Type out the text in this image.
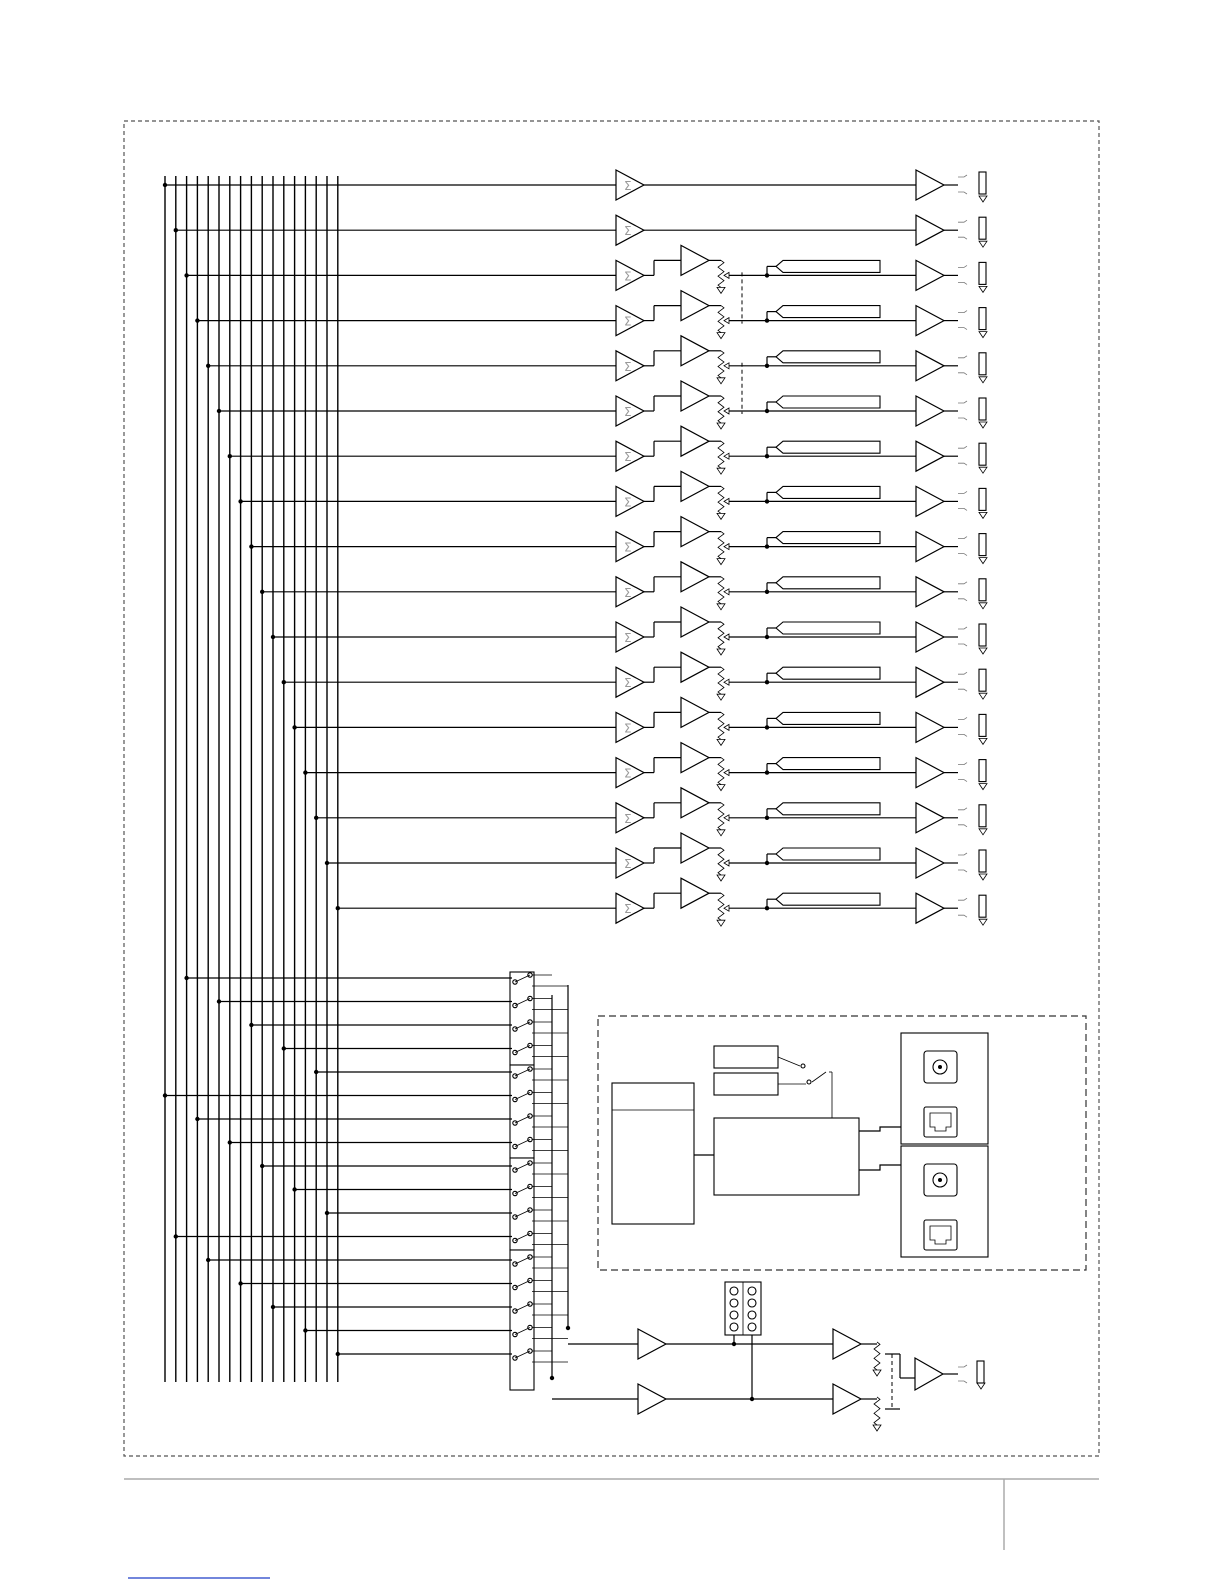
Σ
Σ
Σ
Σ
Σ
Σ
Σ
Σ
Σ
Σ
Σ
Σ
Σ
Σ
Σ
Σ
Σ
